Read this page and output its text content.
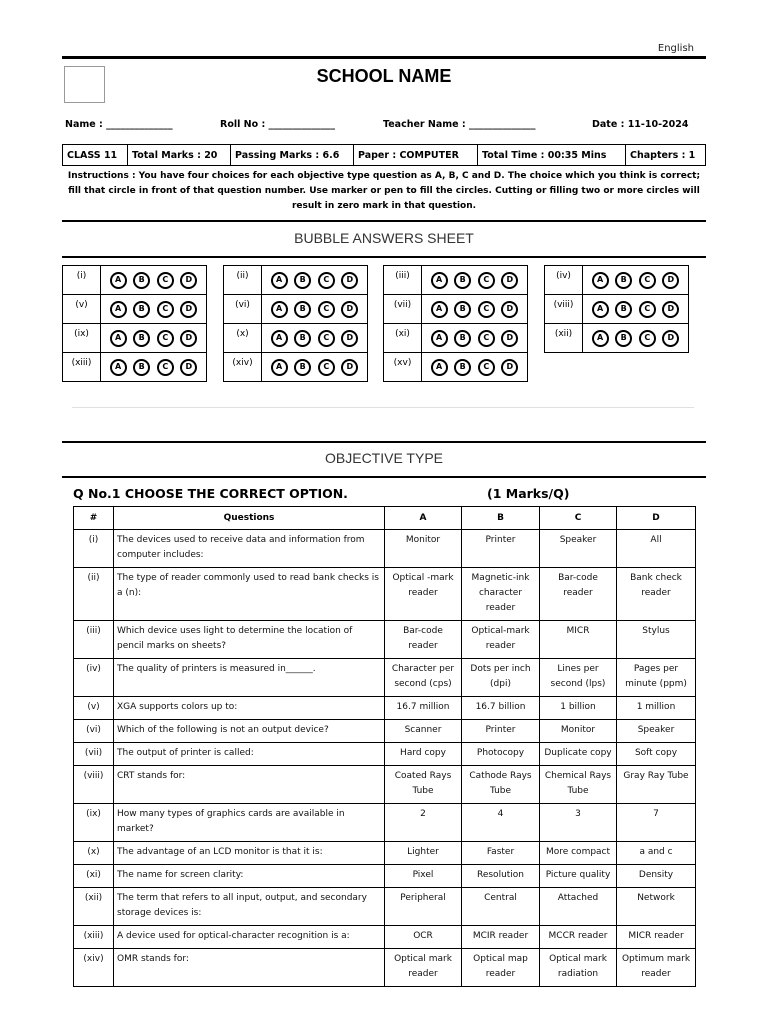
English
SCHOOL NAME
Name : ______________	Roll No : ______________	Teacher Name : ______________	Date : 11-10-2024
CLASS 11	Total Marks : 20	Passing Marks : 6.6	Paper : COMPUTER	Total Time : 00:35 Mins	Chapters : 1
Instructions : You have four choices for each objective type question as A, B, C and D. The choice which you think is correct; fill that circle in front of that question number. Use marker or pen to fill the circles. Cutting or filling two or more circles will result in zero mark in that question.
BUBBLE ANSWERS SHEET
(i)	A B C D

(v)	A B C D

(ix)	A B C D

(xiii)	A B C D
(ii)	A B C D

(vi)	A B C D

(x)	A B C D

(xiv)	A B C D
(iii)	A B C D

(vii)	A B C D

(xi)	A B C D

(xv)	A B C D
(iv)	A B C D

(viii)	A B C D

(xii)	A B C D
OBJECTIVE TYPE
Q No.1 CHOOSE THE CORRECT OPTION.	(1 Marks/Q)
#	Questions	A	B	C	D
(i)	The devices used to receive data and information from computer includes:	Monitor	Printer	Speaker	All
(ii)	The type of reader commonly used to read bank checks is a (n):	Optical -mark reader	Magnetic-ink character reader	Bar-code reader	Bank check reader
(iii)	Which device uses light to determine the location of pencil marks on sheets?	Bar-code reader	Optical-mark reader	MICR	Stylus
(iv)	The quality of printers is measured in______.	Character per second (cps)	Dots per inch (dpi)	Lines per second (lps)	Pages per minute (ppm)
(v)	XGA supports colors up to:	16.7 million	16.7 billion	1 billion	1 million
(vi)	Which of the following is not an output device?	Scanner	Printer	Monitor	Speaker
(vii)	The output of printer is called:	Hard copy	Photocopy	Duplicate copy	Soft copy
(viii)	CRT stands for:	Coated Rays Tube	Cathode Rays Tube	Chemical Rays Tube	Gray Ray Tube
(ix)	How many types of graphics cards are available in market?	2	4	3	7
(x)	The advantage of an LCD monitor is that it is:	Lighter	Faster	More compact	a and c
(xi)	The name for screen clarity:	Pixel	Resolution	Picture quality	Density
(xii)	The term that refers to all input, output, and secondary storage devices is:	Peripheral	Central	Attached	Network
(xiii)	A device used for optical-character recognition is a:	OCR	MCIR reader	MCCR reader	MICR reader
(xiv)	OMR stands for:	Optical mark reader	Optical map reader	Optical mark radiation	Optimum mark reader
